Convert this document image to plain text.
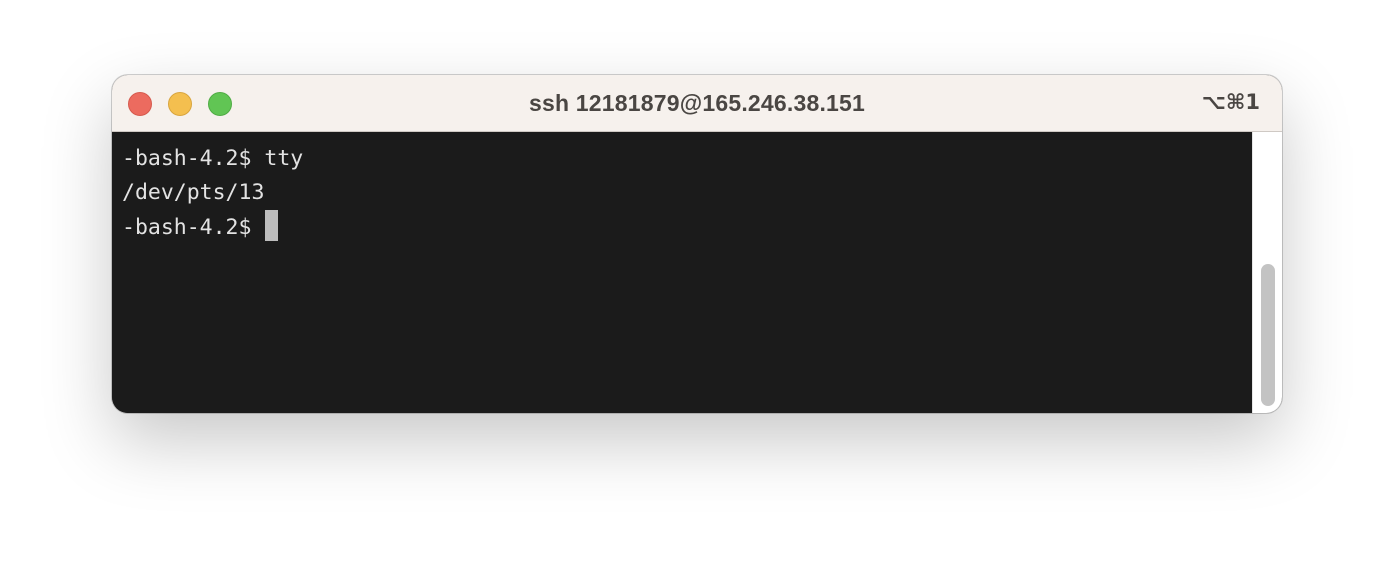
ssh 12181879@165.246.38.151	⌥⌘1
-bash-4.2$ tty
/dev/pts/13
-bash-4.2$
